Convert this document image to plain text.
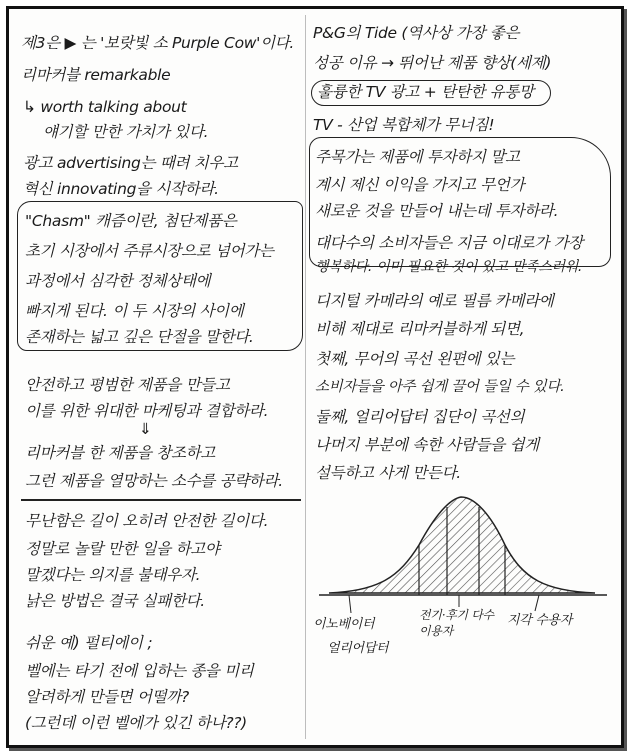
제3은 ▶ 는 '보랏빛 소 Purple Cow'이다.
리마커블 remarkable
↳ worth talking about
얘기할 만한 가치가 있다.
광고 advertising는 때려 치우고
혁신 innovating을 시작하라.
"Chasm" 캐즘이란, 첨단제품은
초기 시장에서 주류시장으로 넘어가는
과정에서 심각한 정체상태에
빠지게 된다. 이 두 시장의 사이에
존재하는 넓고 깊은 단절을 말한다.
안전하고 평범한 제품을 만들고
이를 위한 위대한 마케팅과 결합하라.
⇓
리마커블 한 제품을 창조하고
그런 제품을 열망하는 소수를 공략하라.
무난함은 길이 오히려 안전한 길이다.
정말로 놀랄 만한 일을 하고야
말겠다는 의지를 불태우자.
낡은 방법은 결국 실패한다.
쉬운 예) 펄티에이 ;
벨에는 타기 전에 입하는 종을 미리
알려하게 만들면 어떨까?
(그런데 이런 벨에가 있긴 하나??)
P&G의 Tide (역사상 가장 좋은
성공 이유 → 뛰어난 제품 향상(세제)
훌륭한 TV 광고 + 탄탄한 유통망
TV - 산업 복합체가 무너짐!
주목가는 제품에 투자하지 말고
계시 제신 이익을 가지고 무언가
새로운 것을 만들어 내는데 투자하라.
대다수의 소비자들은 지금 이대로가 가장
행복하다. 이미 필요한 것이 있고 만족스러워.
디지털 카메라의 예로 필름 카메라에
비해 제대로 리마커블하게 되면,
첫째, 무어의 곡선 왼편에 있는
소비자들을 아주 쉽게 끌어 들일 수 있다.
둘째, 얼리어답터 집단이 곡선의
나머지 부분에 속한 사람들을 쉽게
설득하고 사게 만든다.
이노베이터
얼리어답터
전기·후기 다수이용자
지각 수용자
